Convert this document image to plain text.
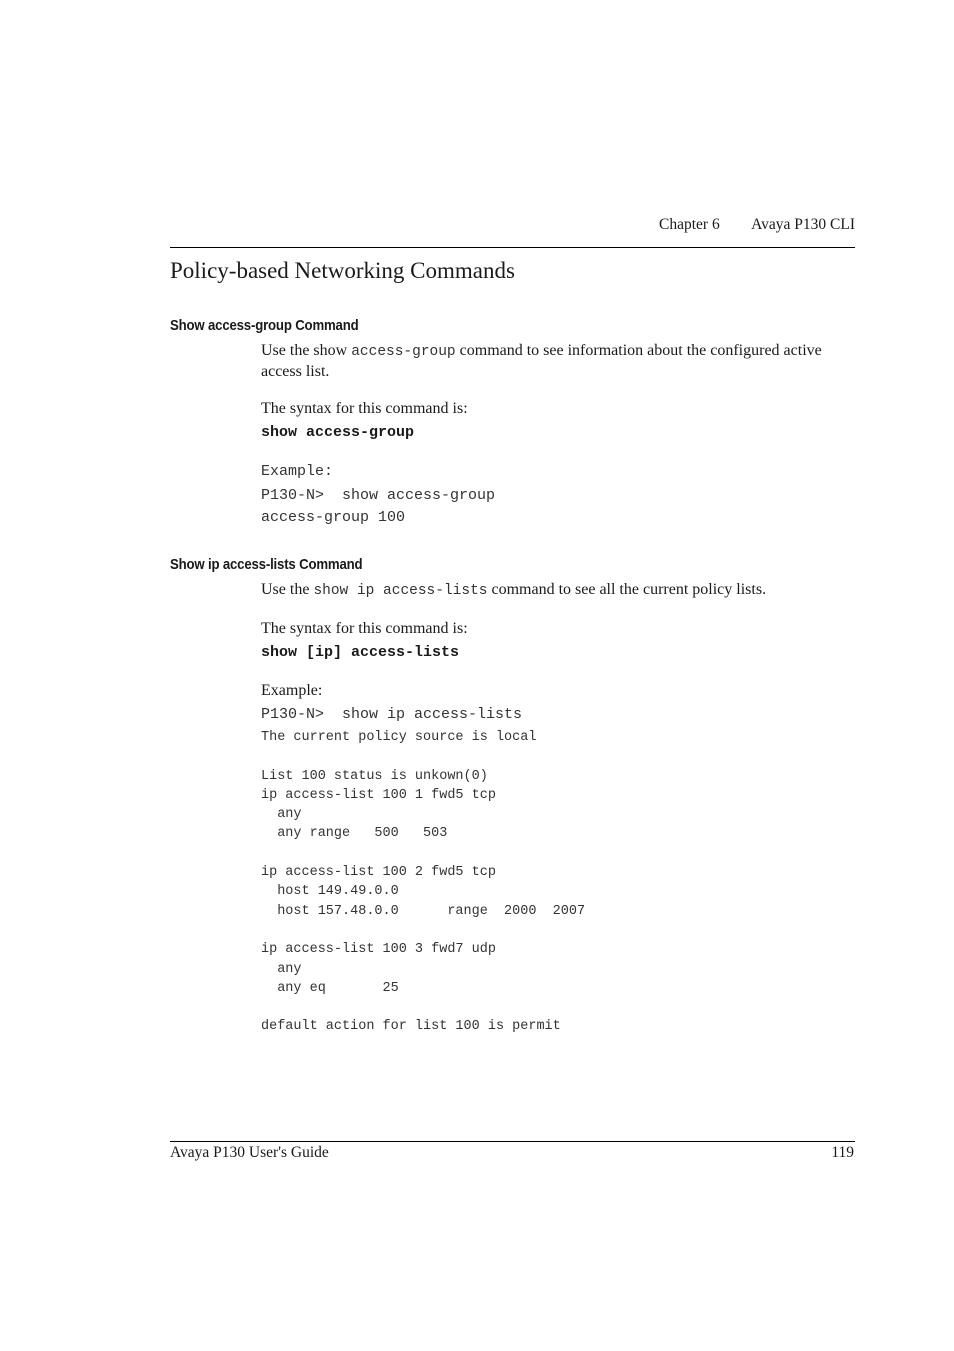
Chapter 6 Avaya P130 CLI
Policy-based Networking Commands
Show access-group Command
Use the show access-group command to see information about the configured active access list.
The syntax for this command is:
show access-group
Example:
P130-N>  show access-group
access-group 100
Show ip access-lists Command
Use the show ip access-lists command to see all the current policy lists.
The syntax for this command is:
show [ip] access-lists
Example:
P130-N>  show ip access-lists
The current policy source is local

List 100 status is unkown(0)
ip access-list 100 1 fwd5 tcp
any
any range   500   503

ip access-list 100 2 fwd5 tcp
host 149.49.0.0
host 157.48.0.0      range  2000  2007

ip access-list 100 3 fwd7 udp
any
any eq       25

default action for list 100 is permit
Avaya P130 User's Guide	119
